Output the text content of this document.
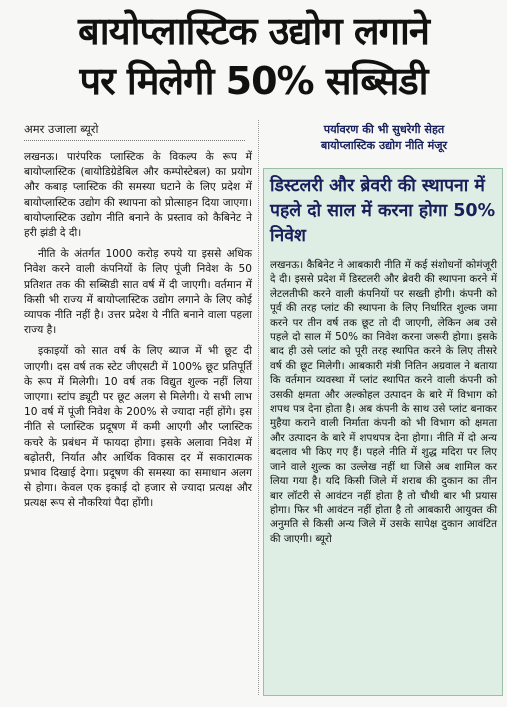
बायोप्लास्टिक उद्योग लगाने
पर मिलेगी 50% सब्सिडी
अमर उजाला ब्यूरो

लखनऊ। पारंपरिक प्लास्टिक के विकल्प के रूप में बायोप्लास्टिक (बायोडिग्रेडेबिल और कम्पोस्टेबल) का प्रयोग और कबाड़ प्लास्टिक की समस्या घटाने के लिए प्रदेश में बायोप्लास्टिक उद्योग की स्थापना को प्रोत्साहन दिया जाएगा। बायोप्लास्टिक उद्योग नीति बनाने के प्रस्ताव को कैबिनेट ने हरी झंडी दे दी।

नीति के अंतर्गत 1000 करोड़ रुपये या इससे अधिक निवेश करने वाली कंपनियों के लिए पूंजी निवेश के 50 प्रतिशत तक की सब्सिडी सात वर्ष में दी जाएगी। वर्तमान में किसी भी राज्य में बायोप्लास्टिक उद्योग लगाने के लिए कोई व्यापक नीति नहीं है। उत्तर प्रदेश ये नीति बनाने वाला पहला राज्य है।

इकाइयों को सात वर्ष के लिए ब्याज में भी छूट दी जाएगी। दस वर्ष तक स्टेट जीएसटी में 100% छूट प्रतिपूर्ति के रूप में मिलेगी। 10 वर्ष तक विद्युत शुल्क नहीं लिया जाएगा। स्टांप ड्यूटी पर छूट अलग से मिलेगी। ये सभी लाभ 10 वर्ष में पूंजी निवेश के 200% से ज्यादा नहीं होंगे। इस नीति से प्लास्टिक प्रदूषण में कमी आएगी और प्लास्टिक कचरे के प्रबंधन में फायदा होगा। इसके अलावा निवेश में बढ़ोतरी, निर्यात और आर्थिक विकास दर में सकारात्मक प्रभाव दिखाई देगा। प्रदूषण की समस्या का समाधान अलग से होगा। केवल एक इकाई दो हजार से ज्यादा प्रत्यक्ष और प्रत्यक्ष रूप से नौकरियां पैदा होंगी।

पर्यावरण की भी सुधरेगी सेहत
बायोप्लास्टिक उद्योग नीति मंजूर
डिस्टलरी और ब्रेवरी की स्थापना में पहले दो साल में करना होगा 50% निवेश
लखनऊ। कैबिनेट ने आबकारी नीति में कई संशोधनों कोमंजूरी दे दी। इससे प्रदेश में डिस्टलरी और ब्रेवरी की स्थापना करने में लेटलतीफी करने वाली कंपनियों पर सख्ती होगी। कंपनी को पूर्व की तरह प्लांट की स्थापना के लिए निर्धारित शुल्क जमा करने पर तीन वर्ष तक छूट तो दी जाएगी, लेकिन अब उसे पहले दो साल में 50% का निवेश करना जरूरी होगा। इसके बाद ही उसे प्लांट को पूरी तरह स्थापित करने के लिए तीसरे वर्ष की छूट मिलेगी। आबकारी मंत्री नितिन अग्रवाल ने बताया कि वर्तमान व्यवस्था में प्लांट स्थापित करने वाली कंपनी को उसकी क्षमता और अल्कोहल उत्पादन के बारे में विभाग को शपथ पत्र देना होता है। अब कंपनी के साथ उसे प्लांट बनाकर मुहैया कराने वाली निर्माता कंपनी को भी विभाग को क्षमता और उत्पादन के बारे में शपथपत्र देना होगा। नीति में दो अन्य बदलाव भी किए गए हैं। पहले नीति में शुद्ध मदिरा पर लिए जाने वाले शुल्क का उल्लेख नहीं था जिसे अब शामिल कर लिया गया है। यदि किसी जिले में शराब की दुकान का तीन बार लॉटरी से आवंटन नहीं होता है तो चौथी बार भी प्रयास होगा। फिर भी आवंटन नहीं होता है तो आबकारी आयुक्त की अनुमति से किसी अन्य जिले में उसके सापेक्ष दुकान आवंटित की जाएगी। ब्यूरो
